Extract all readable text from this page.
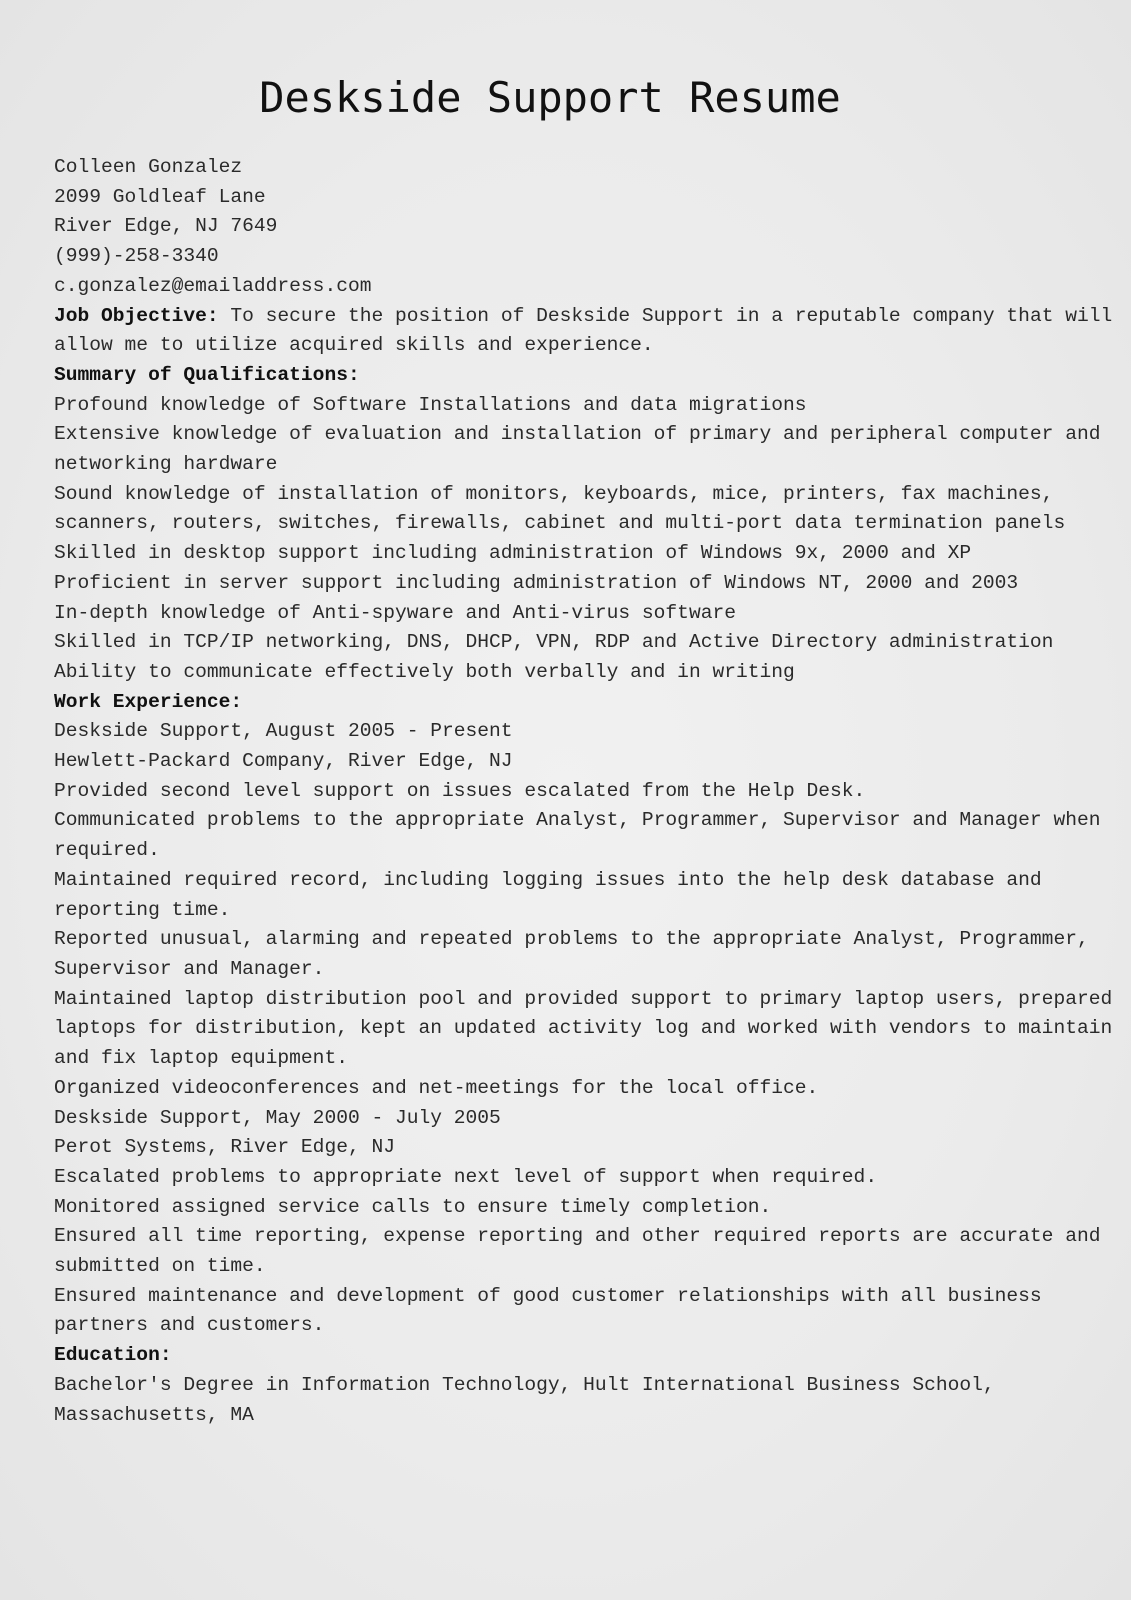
Deskside Support Resume
Colleen Gonzalez
2099 Goldleaf Lane
River Edge, NJ 7649
(999)-258-3340
c.gonzalez@emailaddress.com
Job Objective: To secure the position of Deskside Support in a reputable company that will
allow me to utilize acquired skills and experience.
Summary of Qualifications:
Profound knowledge of Software Installations and data migrations
Extensive knowledge of evaluation and installation of primary and peripheral computer and
networking hardware
Sound knowledge of installation of monitors, keyboards, mice, printers, fax machines,
scanners, routers, switches, firewalls, cabinet and multi-port data termination panels
Skilled in desktop support including administration of Windows 9x, 2000 and XP
Proficient in server support including administration of Windows NT, 2000 and 2003
In-depth knowledge of Anti-spyware and Anti-virus software
Skilled in TCP/IP networking, DNS, DHCP, VPN, RDP and Active Directory administration
Ability to communicate effectively both verbally and in writing
Work Experience:
Deskside Support, August 2005 - Present
Hewlett-Packard Company, River Edge, NJ
Provided second level support on issues escalated from the Help Desk.
Communicated problems to the appropriate Analyst, Programmer, Supervisor and Manager when
required.
Maintained required record, including logging issues into the help desk database and
reporting time.
Reported unusual, alarming and repeated problems to the appropriate Analyst, Programmer,
Supervisor and Manager.
Maintained laptop distribution pool and provided support to primary laptop users, prepared
laptops for distribution, kept an updated activity log and worked with vendors to maintain
and fix laptop equipment.
Organized videoconferences and net-meetings for the local office.
Deskside Support, May 2000 - July 2005
Perot Systems, River Edge, NJ
Escalated problems to appropriate next level of support when required.
Monitored assigned service calls to ensure timely completion.
Ensured all time reporting, expense reporting and other required reports are accurate and
submitted on time.
Ensured maintenance and development of good customer relationships with all business
partners and customers.
Education:
Bachelor's Degree in Information Technology, Hult International Business School,
Massachusetts, MA
